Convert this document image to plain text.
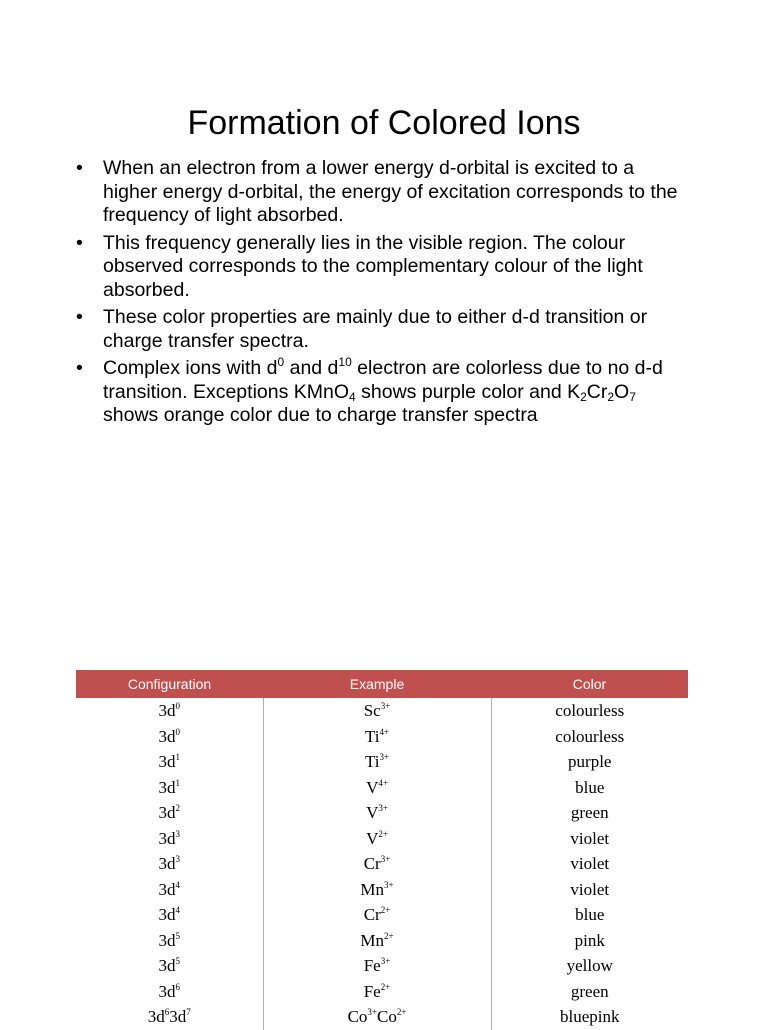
Formation of Colored Ions
• When an electron from a lower energy d-orbital is excited to a higher energy d-orbital, the energy of excitation corresponds to the frequency of light absorbed.
• This frequency generally lies in the visible region. The colour observed corresponds to the complementary colour of the light absorbed.
• These color properties are mainly due to either d-d transition or charge transfer spectra.
• Complex ions with $d^0$ and $d^{10}$ electron are colorless due to no d-d transition. Exceptions KMnO$_4$ shows purple color and $K_2Cr_2O_7$ shows orange color due to charge transfer spectra
Configuration	Example	Color
$3d^0$	$Sc^{3+}$	colourless
$3d^0$	$Ti^{4+}$	colourless
$3d^1$	$Ti^{3+}$	purple
$3d^1$	$V^{4+}$	blue
$3d^2$	$V^{3+}$	green
$3d^3$	$V^{2+}$	violet
$3d^3$	$Cr^{3+}$	violet
$3d^4$	$Mn^{3+}$	violet
$3d^4$	$Cr^{2+}$	blue
$3d^5$	$Mn^{2+}$	pink
$3d^5$	$Fe^{3+}$	yellow
$3d^6$	$Fe^{2+}$	green
$3d^63d^7$	$Co^{3+}Co^{2+}$	bluepink
